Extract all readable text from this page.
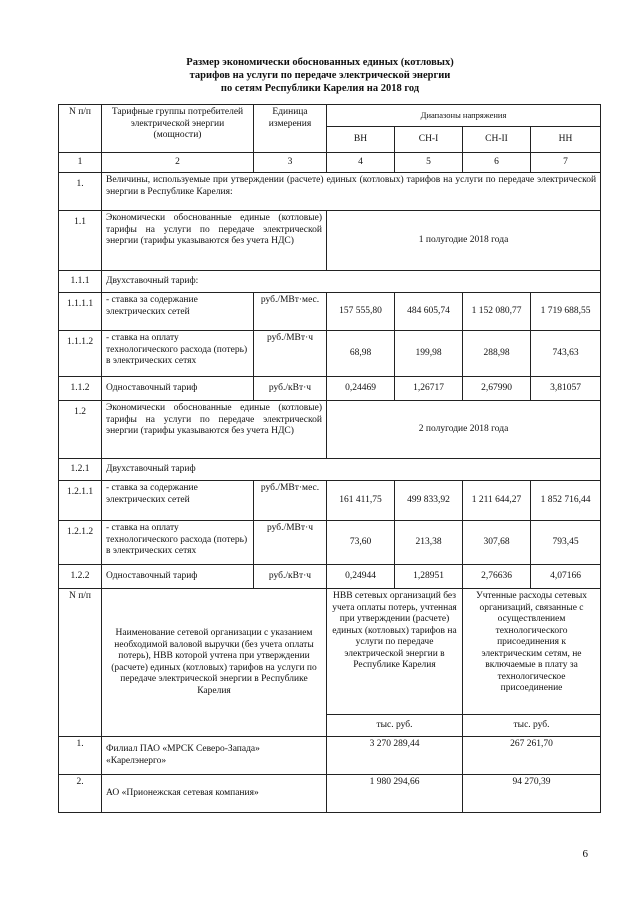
Размер экономически обоснованных единых (котловых)
тарифов на услуги по передаче электрической энергии
по сетям Республики Карелия на 2018 год
N п/п	Тарифные группы потребителей электрической энергии (мощности)	Единица измерения	Диапазоны напряжения			
			ВН	СН-I	СН-II	НН
1	2	3	4	5	6	7
1.	Величины, используемые при утверждении (расчете) единых (котловых) тарифов на услуги по передаче электрической энергии в Республике Карелия:					
1.1	Экономически обоснованные единые (котловые) тарифы на услуги по передаче электрической энергии (тарифы указываются без учета НДС)		1 полугодие 2018 года			
1.1.1	Двухставочный тариф:					
1.1.1.1	- ставка за содержание электрических сетей	руб./МВт·мес.	157 555,80	484 605,74	1 152 080,77	1 719 688,55
1.1.1.2	- ставка на оплату технологического расхода (потерь) в электрических сетях	руб./МВт·ч	68,98	199,98	288,98	743,63
1.1.2	Одноставочный тариф	руб./кВт·ч	0,24469	1,26717	2,67990	3,81057
1.2	Экономически обоснованные единые (котловые) тарифы на услуги по передаче электрической энергии (тарифы указываются без учета НДС)		2 полугодие 2018 года			
1.2.1	Двухставочный тариф					
1.2.1.1	- ставка за содержание электрических сетей	руб./МВт·мес.	161 411,75	499 833,92	1 211 644,27	1 852 716,44
1.2.1.2	- ставка на оплату технологического расхода (потерь) в электрических сетях	руб./МВт·ч	73,60	213,38	307,68	793,45
1.2.2	Одноставочный тариф	руб./кВт·ч	0,24944	1,28951	2,76636	4,07166
N п/п	Наименование сетевой организации с указанием необходимой валовой выручки (без учета оплаты потерь), НВВ которой учтена при утверждении (расчете) единых (котловых) тарифов на услуги по передаче электрической энергии в Республике Карелия		НВВ сетевых организаций без учета оплаты потерь, учтенная при утверждении (расчете) единых (котловых) тарифов на услуги по передаче электрической энергии в Республике Карелия		Учтенные расходы сетевых организаций, связанные с осуществлением технологического присоединения к электрическим сетям, не включаемые в плату за технологическое присоединение	
			тыс. руб.		тыс. руб.	
1.	Филиал ПАО «МРСК Северо-Запада» «Карелэнерго»		3 270 289,44		267 261,70	
2.	АО «Прионежская сетевая компания»		1 980 294,66		94 270,39	
6
